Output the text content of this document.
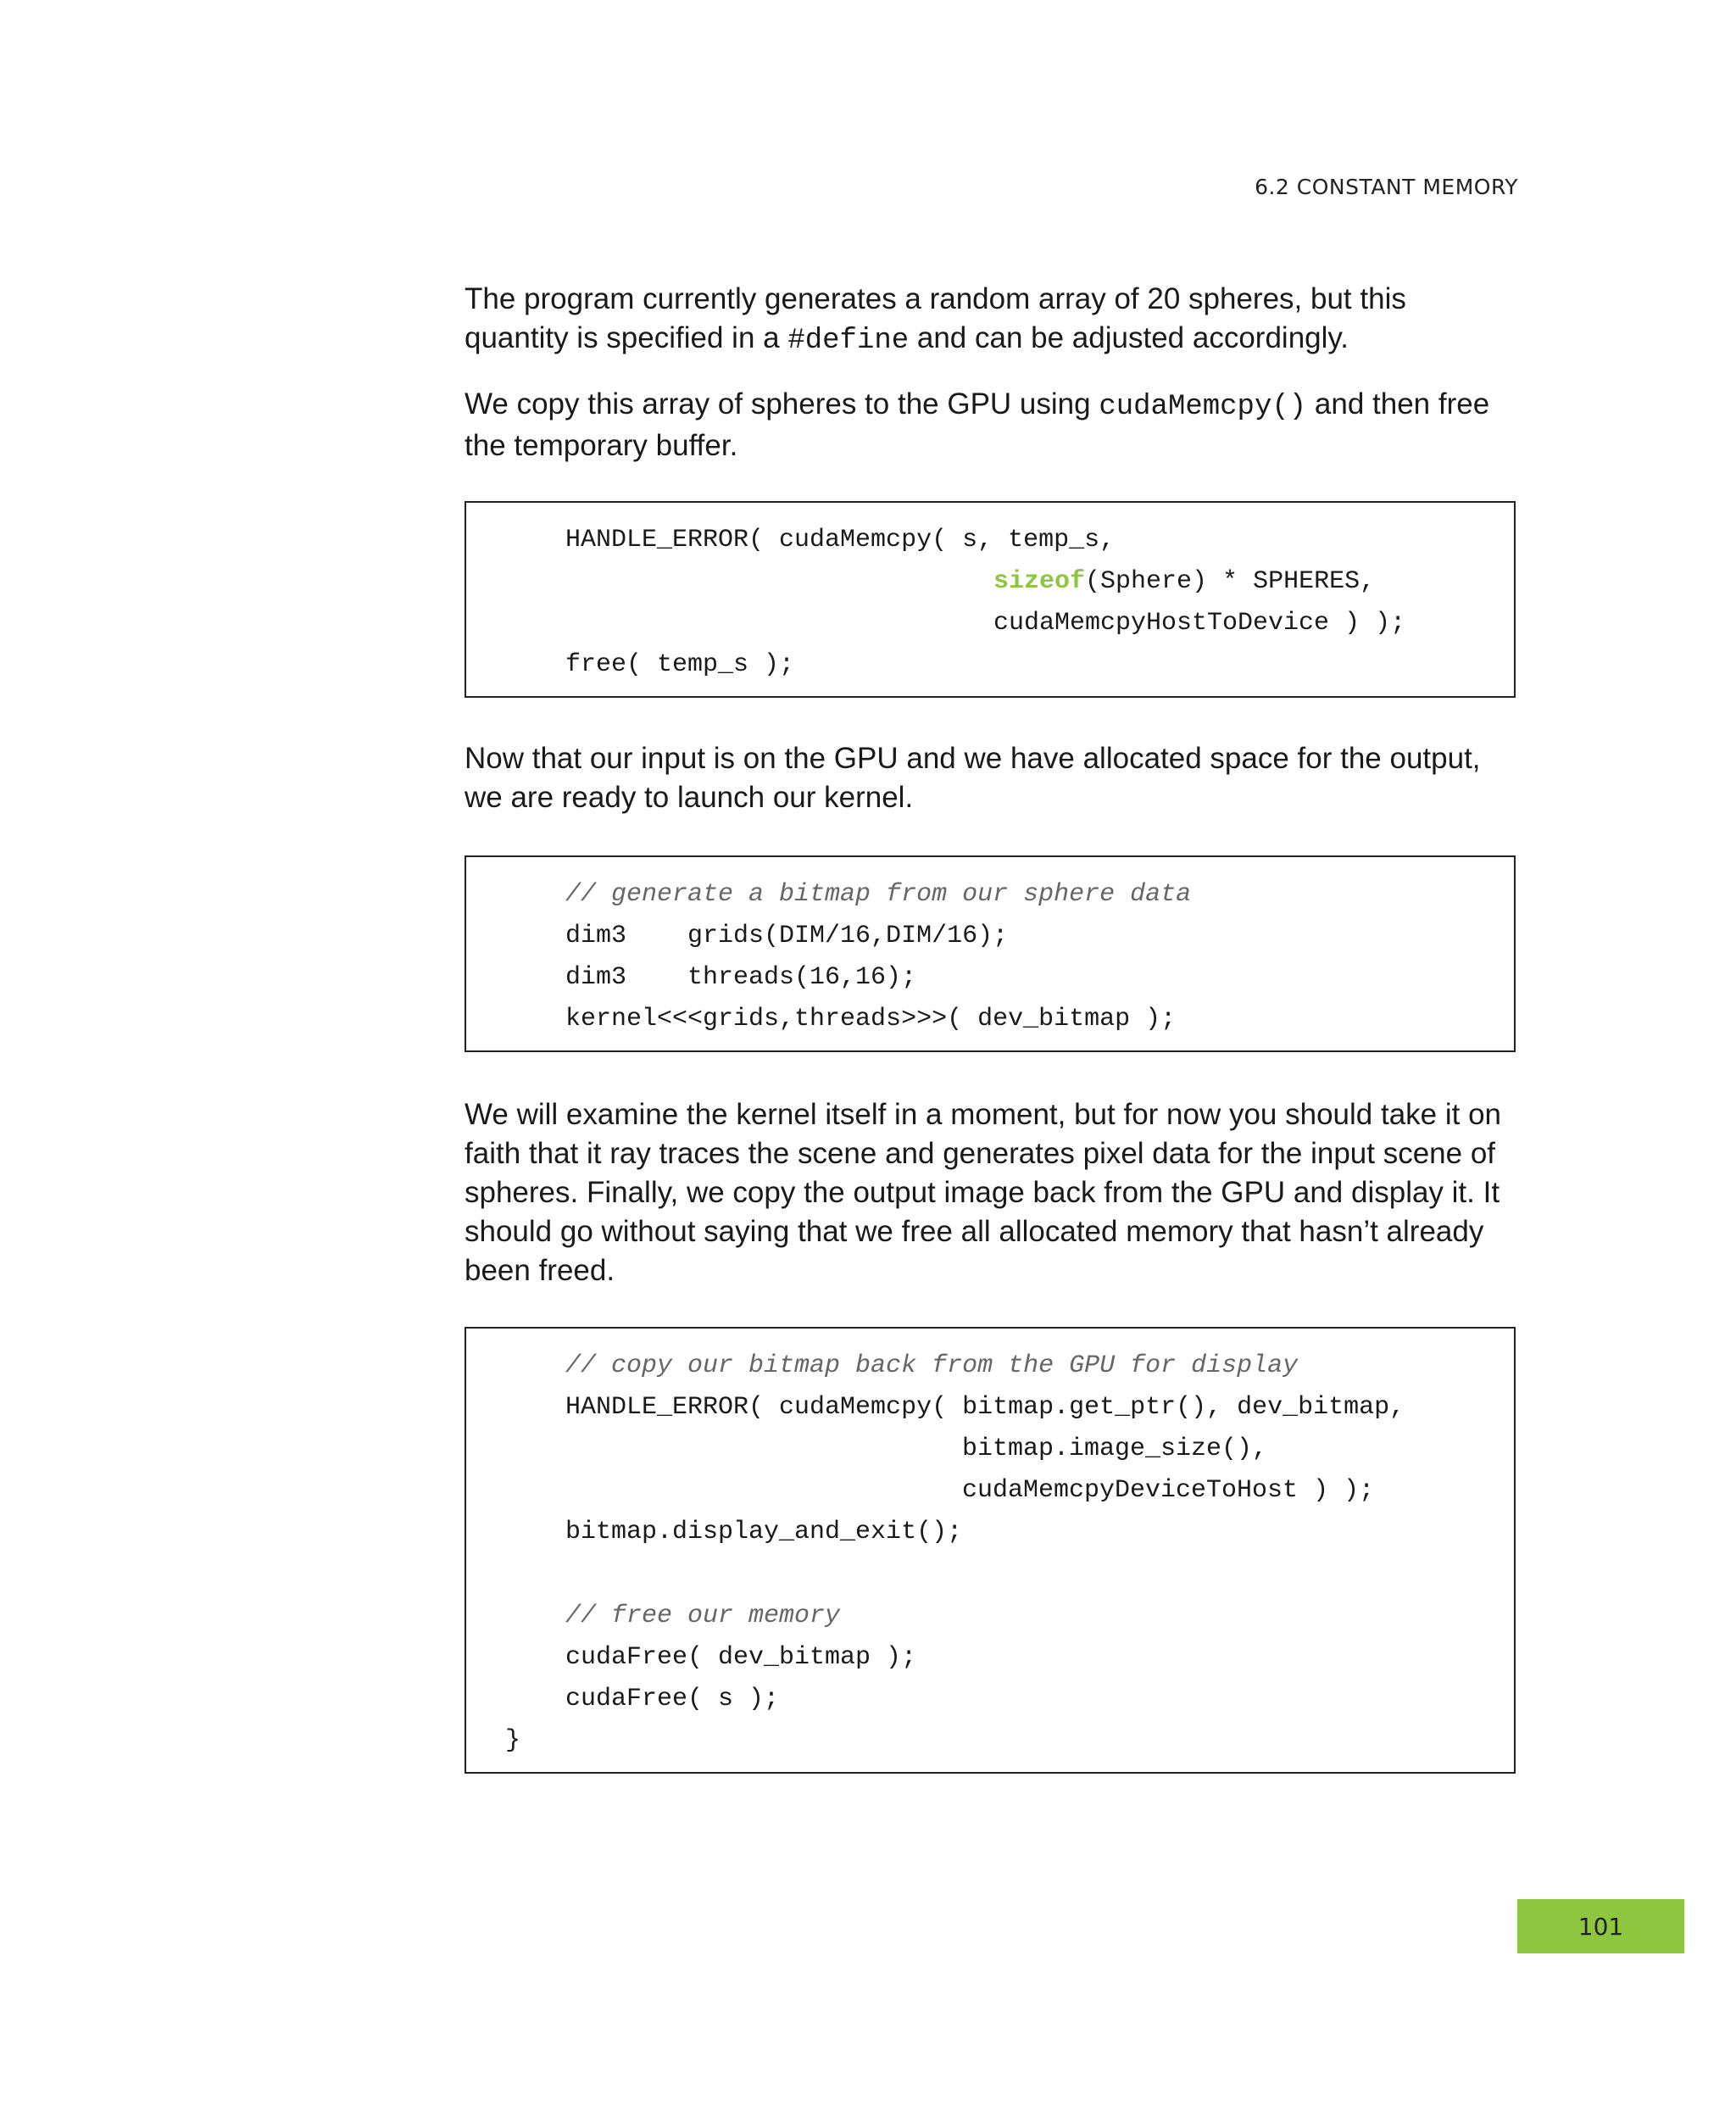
6.2 CONSTANT MEMORY

The program currently generates a random array of 20 spheres, but this quantity is specified in a #define and can be adjusted accordingly.

We copy this array of spheres to the GPU using cudaMemcpy() and then free the temporary buffer.

HANDLE_ERROR( cudaMemcpy( s, temp_s,
sizeof(Sphere) * SPHERES,
cudaMemcpyHostToDevice ) );
free( temp_s );

Now that our input is on the GPU and we have allocated space for the output, we are ready to launch our kernel.

// generate a bitmap from our sphere data
dim3    grids(DIM/16,DIM/16);
dim3    threads(16,16);
kernel<<<grids,threads>>>( dev_bitmap );

We will examine the kernel itself in a moment, but for now you should take it on faith that it ray traces the scene and generates pixel data for the input scene of spheres. Finally, we copy the output image back from the GPU and display it. It should go without saying that we free all allocated memory that hasn’t already been freed.

// copy our bitmap back from the GPU for display
HANDLE_ERROR( cudaMemcpy( bitmap.get_ptr(), dev_bitmap,
bitmap.image_size(),
cudaMemcpyDeviceToHost ) );
bitmap.display_and_exit();
// free our memory
cudaFree( dev_bitmap );
cudaFree( s );
}
101
